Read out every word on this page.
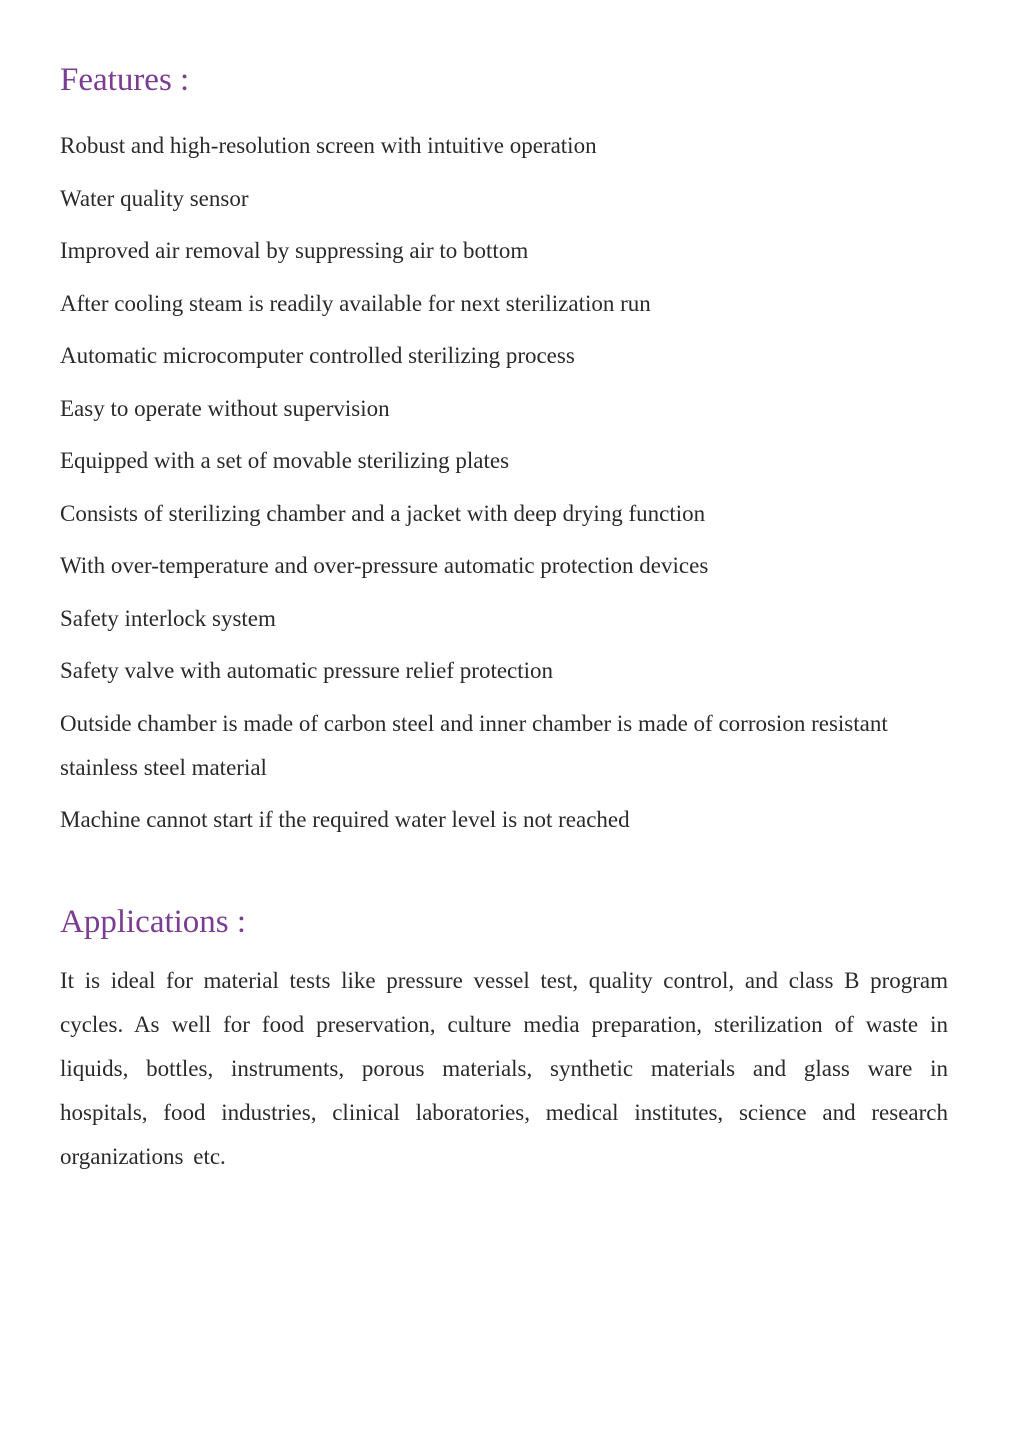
Features :
Robust and high-resolution screen with intuitive operation
Water quality sensor
Improved air removal by suppressing air to bottom
After cooling steam is readily available for next sterilization run
Automatic microcomputer controlled sterilizing process
Easy to operate without supervision
Equipped with a set of movable sterilizing plates
Consists of sterilizing chamber and a jacket with deep drying function
With over-temperature and over-pressure automatic protection devices
Safety interlock system
Safety valve with automatic pressure relief protection
Outside chamber is made of carbon steel and inner chamber is made of corrosion resistant stainless steel material
Machine cannot start if the required water level is not reached
Applications :

It is ideal for material tests like pressure vessel test, quality control, and class B program cycles. As well for food preservation, culture media preparation, sterilization of waste in liquids, bottles, instruments, porous materials, synthetic materials and glass ware in hospitals, food industries, clinical laboratories, medical institutes, science and research organizations etc.
